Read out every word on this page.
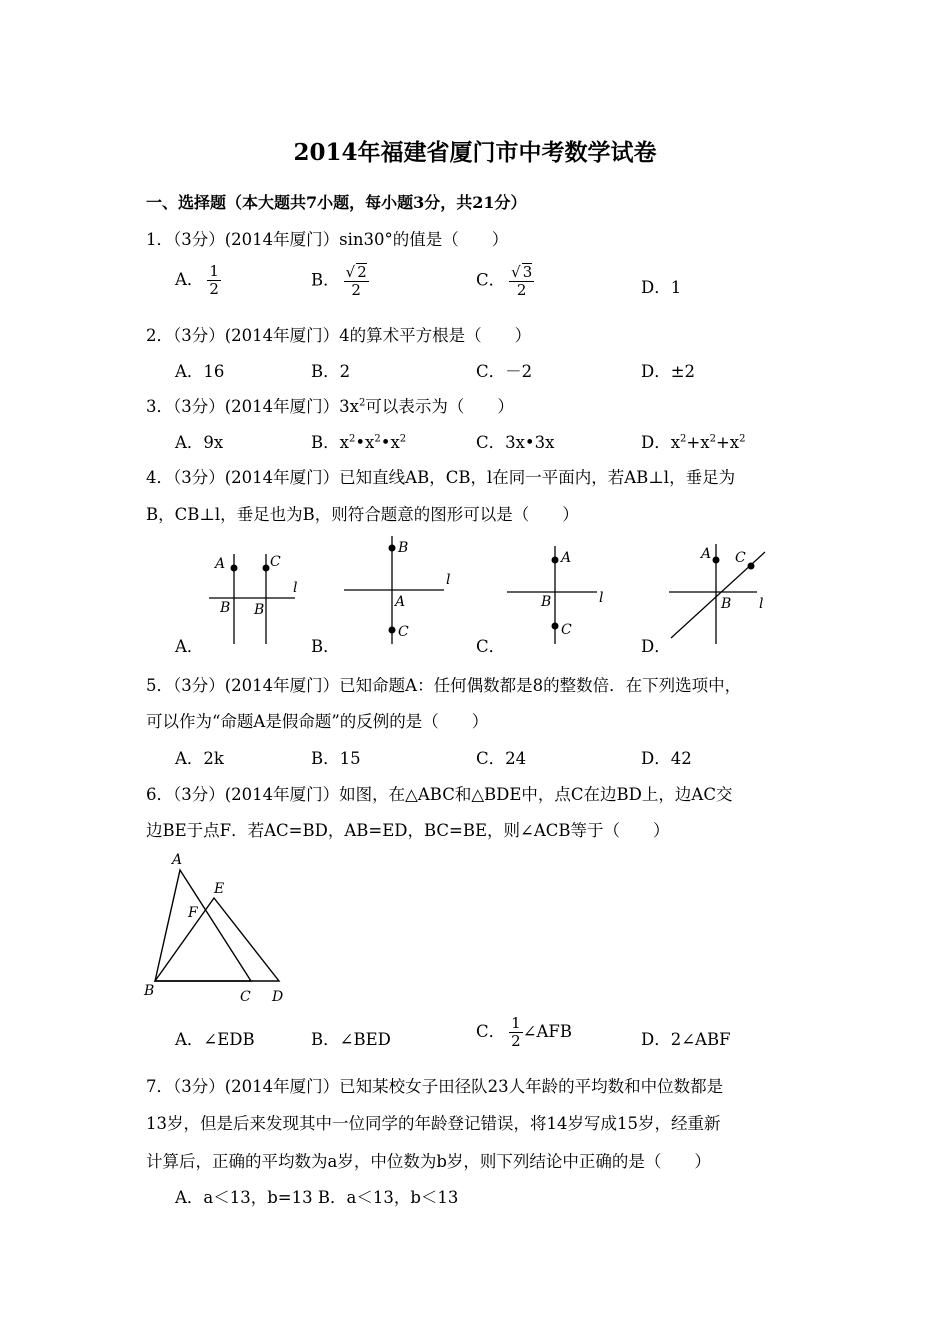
2014年福建省厦门市中考数学试卷
一、选择题（本大题共7小题，每小题3分，共21分）
1．（3分）(2014年厦门）sin30°的值是（　　）
A． $\frac{1}{2}$	B． $\frac{√ 2}{2}$	C． $\frac{√ 3}{2}$	D．1
2．（3分）(2014年厦门）4的算术平方根是（　　）
A．16	B．2	C．－2	D．±2
3．（3分）(2014年厦门）$3x^2$可以表示为（　　）
A．9x	B．$x^2•x^2•x^2$	C．3x•3x	D．$x^2+x^2+x^2$
4．（3分）(2014年厦门）已知直线AB，CB，l在同一平面内，若AB⊥l，垂足为
B，CB⊥l，垂足也为B，则符合题意的图形可以是（　　）
A	C
B B
l
B
A
C
l
A
B
C
l
A C
B l
A．	B．	C．	D．
5．（3分）(2014年厦门）已知命题A：任何偶数都是8的整数倍．在下列选项中，
可以作为“命题A是假命题”的反例的是（　　）
A．2k	B．15	C．24	D．42
6．（3分）(2014年厦门）如图，在△ABC和△BDE中，点C在边BD上，边AC交
边BE于点F．若AC=BD，AB=ED，BC=BE，则∠ACB等于（　　）
A
E
F
B	C D
A．∠EDB	B．∠BED	C． $\frac{1}{2}$ ∠AFB	D．2∠ABF
7．（3分）(2014年厦门）已知某校女子田径队23人年龄的平均数和中位数都是
13岁，但是后来发现其中一位同学的年龄登记错误，将14岁写成15岁，经重新
计算后，正确的平均数为a岁，中位数为b岁，则下列结论中正确的是（　　）
A．a＜13，b=13 B．a＜13，b＜13
